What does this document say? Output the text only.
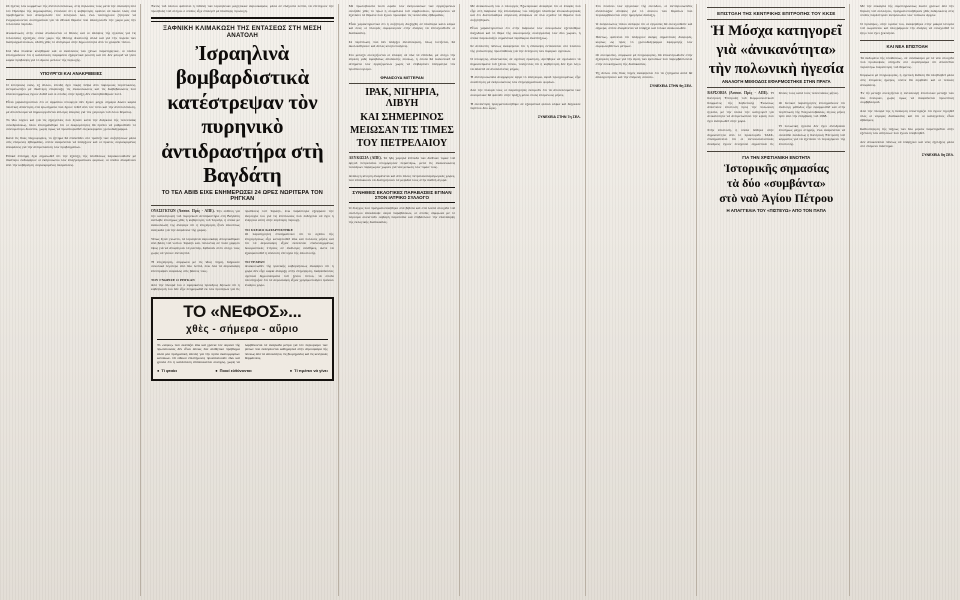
Οἱ ἡγέτες τῶν κομμάτων τῆς ἀντιπολιτεύσεως, στίς δηλώσεις τους μετά τήν σύσκεψη ὑπό τόν Πρόεδρο τῆς Δημοκρατίας, ἐτόνισαν ὅτι ἡ κυβέρνηση ὀφείλει νά δώσει λύση στά προβλήματα πού ἀπασχολοῦν τόν ἑλληνικό λαό, ἐνῶ ταυτόχρονα ζήτησαν νά ἐνημερώνονται συστηματικά γιά τά ἐθνικά θέματα πού ἀπασχολοῦν τήν χώρα μας τήν τελευταία περίοδο.

Ἀνακοίνωση στήν ὁποία ἀναλύονται οἱ θέσεις καί οἱ ἀπόψεις τῆς ἡγεσίας γιά τίς τελευταίες ἐξελίξεις στόν χῶρο τῆς Μέσης Ἀνατολῆς ἀλλά καί γιά τήν πορεία τῶν διαπραγματεύσεων, ἐδόθη χθές τό ἀπόγευμα στήν δημοσιότητα ἀπό τό γραφεῖο τύπου.

Στά ἴδια πλαίσια κινήθηκαν καί οἱ ἀναλύσεις τῶν ξένων παρατηρητῶν, οἱ ὁποῖοι ἐπισημαίνουν ὅτι ἡ κατάσταση παραμένει ἐξαιρετικά ρευστή καί ὅτι δέν μπορεῖ νά γίνει καμία πρόβλεψη γιά τό ἄμεσο μέλλον τῆς περιοχῆς.

ΥΠΟΥΡΓΟΙ ΚΑΙ ΑΝΑΚΡΙΒΕΙΕΣ

Ὁ ἑλληνικός λαός, ἐξ ἄλλου, ἐπειδή ἔχει πικρή πεῖρα ἀπό παρόμοιες περιπτώσεις, ἀντιμετωπίζει μέ ἰδιαίτερη ἐπιφύλαξη τίς ἀνακοινώσεις καί τίς διαβεβαιώσεις πού ἐπανειλημμένως ἔχουν δοθεῖ καί οἱ ὁποῖες στήν πράξη δέν ἐπαληθεύθηκαν ποτέ.

Εἶναι χαρακτηριστικό ὅτι οἱ ἁρμόδιοι ὑπουργοί δέν ἔχουν μέχρι σήμερα δώσει καμία πειστική ἀπάντηση στά ἐρωτήματα πού ἔχουν τεθεῖ ἀπό τόν τύπο καί τήν ἀντιπολίτευση, μέ ἀποτέλεσμα νά δημιουργοῦνται εὔλογες ἀπορίες γιά τόν χειρισμό τοῦ ὅλου θέματος.

Τό ἴδιο ἰσχύει καί γιά τίς ἐξαγγελίες πού ἔγιναν κατά τήν διάρκεια τῆς τελευταίας συνεδριάσεως, ὅπου ἐπισημάνθηκε ὅτι οἱ ἐκκρεμότητες θά πρέπει νά ρυθμισθοῦν τό συντομότερο δυνατόν, χωρίς ὅμως νά προσδιορισθεῖ συγκεκριμένο χρονοδιάγραμμα.

Κατά τίς ἴδιες πληροφορίες, τό ζήτημα θά ἐπανέλθει στό τραπέζι τῶν συζητήσεων μέσα στίς ἑπόμενες ἑβδομάδες, ὁπότε ἀναμένεται νά ὑπάρξουν καί οἱ πρῶτες συγκεκριμένες ἀποφάσεις γιά τήν ἀντιμετώπιση τῶν προβλημάτων.

Εἰδικά ἐπίσημη ἔχει σημειωθεῖ ὅτι τήν ἐξέλιξη τῆς ὑποθέσεως παρακολουθοῦν μέ ἰδιαίτερο ἐνδιαφέρον οἱ ἐκπρόσωποι τῶν ἐπαγγελματικῶν φορέων, οἱ ὁποῖοι ἀναμένουν ἀπό τήν κυβέρνηση συγκεκριμένες δεσμεύσεις.

Ἐκτός τοῦ ὁποίου φαίνεται ἡ πιθανή τῶν ἰσραηλινῶν μαχητικῶν ἀεροσκαφῶν, μέσα σέ ἑλάχιστα λεπτά, νά ἐπιτύχουν τήν προσβολή τοῦ στόχου ὁ ὁποῖος εἶχε ἐπιλεγεῖ μέ ἰδιαίτερη προσοχή.

ΞΑΦΝΙΚΗ ΚΛΙΜΑΚΩΣΗ ΤΗΣ ΕΝΤΑΣΕΩΣ ΣΤΗ ΜΕΣΗ ΑΝΑΤΟΛΗ
Ἰσραηλινὰ βομβαρδιστικὰ
κατέστρεψαν τὸν πυρηνικὸ
ἀντιδραστήρα στὴ Βαγδάτη
ΤΟ ΤΕΛ ΑΒΙΒ ΕΙΧΕ ΕΝΗΜΕΡΩΣΕΙ 24 ΩΡΕΣ ΝΩΡΙΤΕΡΑ ΤΟΝ ΡΗΓΚΑΝ
ΟΥΑΣΙΓΚΤΩΝ (Ἀσσοσ. Πρές - ΑΠΕ). Τήν εὐθύνη γιά τήν καταστροφή τοῦ πυρηνικοῦ ἀντιδραστῆρα στή Βαγδάτη ἀνέλαβε ἐπισήμως χθές ἡ κυβέρνηση τοῦ Ἰσραήλ, ἡ ὁποία μέ ἀνακοίνωσή της ἀνέφερε ὅτι ἡ ἐπιχείρηση ἦταν ἀπολύτως ἀναγκαία γιά τήν ἀσφάλεια τῆς χώρας.

Ὅπως ἔγινε γνωστό, τά ἰσραηλινά ἀεροσκάφη ἀπογειώθηκαν ἀπό βάση τοῦ νοτίου Ἰσραήλ καί, πετώντας σέ πολύ χαμηλό ὕψος γιά νά ἀποφύγουν τά ραντάρ, ἔφθασαν στόν στόχο τους χωρίς νά γίνουν ἀντιληπτά.

Ἡ ἐπιχείρηση, σύμφωνα μέ τίς ἴδιες πηγές, διήρκεσε συνολικά λιγότερο ἀπό δύο λεπτά, ἐνῶ ὅλα τά ἀεροσκάφη ἐπέστρεψαν ἀσφαλῶς στίς βάσεις τους.

ΤΟΥ ΓΝΩΡΙΖΕ Ο ΡΗΓΚΑΝ
Ἀπό τήν πλευρά του ὁ ἀμερικανός πρόεδρος δήλωσε ὅτι ἡ κυβέρνησή του δέν εἶχε ἐνημερωθεῖ ἐκ τῶν προτέρων γιά τίς προθέσεις τοῦ Ἰσραήλ, ἐνῶ παράλληλα ἐξέφρασε τήν ἀνησυχία του γιά τίς ἐπιπτώσεις πού ἐνδέχεται νά ἔχει ἡ ἐνέργεια αὐτή στήν εὐρύτερη περιοχή.

ΤΟ ΣΧΕΔΙΟ ΚΑΤΑΡΤΙΣΤΗΚΕ
Οἱ παρατηρητές ἐπισημαίνουν ὅτι τό σχέδιο τῆς ἐπιχειρήσεως εἶχε καταρτισθεῖ ἐδῶ καί πολλούς μῆνες καί ὅτι τά ἀεροσκάφη εἶχαν ἐκτελέσει ἐπανειλημμένως δοκιμαστικές πτήσεις σέ ἀνάλογες συνθῆκες, ὥστε νά ἐξασφαλισθεῖ ἡ ἀπόλυτη ἐπιτυχία τῆς ἀποστολῆς.

ΤΟ ΤΕΧΡΑΝ
Ἀνακοινωθέν τῆς ἰρανικῆς κυβερνήσεως ἀναφέρει ὅτι ἡ χώρα δέν εἶχε καμία ἀνάμιξη στήν ἐπιχείρηση, διαψεύδοντας σχετικά δημοσιεύματα τοῦ ξένου τύπου, τά ὁποῖα ὑπεστήριζαν ὅτι τά ἀεροσκάφη εἶχαν χρησιμοποιήσει ἰρανικό ἐναέριο χῶρο.
ΤΟ «ΝΕΦΟΣ»...
χθὲς - σήμερα - αὔριο
Τό «νέφος» πού σκεπάζει ἐδῶ καί χρόνια τόν οὐρανό τῆς πρωτεύουσας δέν εἶναι ἁπλῶς ἕνα αἰσθητικό πρόβλημα ἀλλά μία πραγματική ἀπειλή γιά τήν ὑγεία ἑκατομμυρίων κατοίκων. Οἱ εἰδικοί ἐπιστήμονες προειδοποιοῦν ἐδῶ καί χρόνια ὅτι ἡ κατάσταση ἐπιδεινώνεται συνεχῶς, χωρίς νά λαμβάνονται τά ἀναγκαῖα μέτρα γιά τόν περιορισμό τῶν ρύπων πού ἐκπέμπονται καθημερινά στήν ἀτμόσφαιρα τῆς πόλεως ἀπό τά αὐτοκίνητα, τίς βιομηχανίες καί τίς κεντρικές θερμάνσεις.
● Τί φταίει	● Ποιοί εὐθύνονται	● Τί πρέπει νά γίνει

Μέ πρωτοβουλία πολύ ὡραίο τῶν ἐκπροσώπων τῶν ἐργαζομένων συνῆλθε χθές τό πρωί ἡ ὁλομέλεια τοῦ συμβουλίου, προκειμένου νά ἐξετάσει τά θέματα πού ἔχουν προκύψει τίς τελευταῖες ἑβδομάδες.

Εἶναι χαρακτηριστικό ὅτι ἡ συζήτηση διεξήχθη σέ ἰδιαίτερα καλό κλίμα καί ὅλες οἱ πλευρές συμφώνησαν στήν ἀνάγκη νά ἐπιταχυνθοῦν οἱ διαδικασίες.

Σέ περίπτωση πού δέν ὑπάρξει ἀνταπόκριση, ὅπως τονίζεται, θά ἀκολουθήσουν καί ἄλλες κινητοποιήσεις.

Στό μεταξύ συνεχίζονται οἱ ἐπαφές σέ ὅλα τά ἐπίπεδα, μέ στόχο τήν εὕρεση μιᾶς ἀμοιβαίως ἀποδεκτῆς λύσεως, ἡ ὁποία θά ἱκανοποιεῖ τά αἰτήματα τῶν ἐργαζομένων χωρίς νά ἐπιβαρύνει ὑπέρμετρα τόν προϋπολογισμό.

ΦΡΑΝΣΟΥΑ ΜΙΤΤΕΡΑΝ
ΙΡΑΚ, ΝΙΓΗΡΙΑ, ΛΙΒΥΗ
ΚΑΙ ΣΗΜΕΡΙΝΟΣ
ΜΕΙΩΣΑΝ ΤΙΣ ΤΙΜΕΣ
ΤΟΥ ΠΕΤΡΕΛΑΙΟΥ

ΛΕΥΚΩΣΙΑ (ΑΠΕ). Τά ἤδη χαμηλά ἐπίπεδα τῶν διεθνῶν τιμῶν τοῦ ἀργοῦ πετρελαίου ὑποχώρησαν περαιτέρω, μετά τίς ἀνακοινώσεις τεσσάρων παραγωγῶν χωρῶν γιά νέα μείωση τῶν τιμῶν τους.

Ἀνάλογη κίνηση ἀναμένεται καί ἀπό ἄλλες πετρελαιοπαραγωγικές χῶρες, πού ἐπιδιώκουν νά διατηρήσουν τά μερίδιά τους στήν διεθνή ἀγορά.

ΣΥΝΗΘΕΙΣ ΕΚΛΟΓΙΚΕΣ ΠΑΡΑΒΑΣΕΙΣ ΕΓΙΝΑΝ ΣΤΟΝ ΙΑΤΡΙΚΟ ΣΥΛΛΟΓΟ

Ὁ ἔλεγχος πού πραγματοποιήθηκε στά βιβλία καί στά λοιπά στοιχεῖα τοῦ συλλόγου ἀπεκάλυψε σειρά παραβάσεων, οἱ ὁποῖες σύμφωνα μέ τό πόρισμα συνιστοῦν σοβαρή παρατυπία καί ἐπιβάλλουν τήν ἐπανάληψη τῆς ἐκλογικῆς διαδικασίας.

Μέ ἀνακοίνωσή του ὁ ὑπουργός Ἐξωτερικῶν ἀναφέρει ὅτι οἱ ἐπαφές πού εἶχε στή διάρκεια τῆς ἐπισκέψεώς του ὑπῆρξαν ἰδιαίτερα ἐποικοδομητικές καί ὅτι διαπιστώθηκε σύγκλιση ἀπόψεων σέ ὅλα σχεδόν τά θέματα πού συζητήθηκαν.

Εἶναι χαρακτηριστικό ὅτι στήν διάρκεια τῶν συνομιλιῶν ἐξετάσθηκε διεξοδικά καί τό θέμα τῆς οἰκονομικῆς συνεργασίας τῶν δύο χωρῶν, ἡ ὁποία παρουσιάζει σημαντικά περιθώρια ἀναπτύξεως.

Σέ ἀνύποπτη πάντως ἀναφέρεται ὅτι ἡ ἐπίσκεψη ἐντάσσεται στό πλαίσιο τῆς γενικότερης προσπάθειας γιά τήν ἐνίσχυση τῶν διμερῶν σχέσεων.

Ὁ ὑπουργός, ἀπαντώντας σέ σχετική ἐρώτηση, ἀρνήθηκε νά σχολιάσει τά δημοσιεύματα τοῦ ξένου τύπου, τονίζοντας ὅτι ἡ κυβέρνηση δέν ἔχει λόγο νά ἀπαντᾶ σέ ἀνυπόστατες φῆμες.

Ἡ ἀντιπροσωπεία ἀναχώρησε ἀργά τό ἀπόγευμα, ἀφοῦ προηγουμένως εἶχε συνάντηση μέ ἐκπροσώπους τῶν ἐπιχειρηματικῶν φορέων.

Ἀπό τήν πλευρά τους οἱ παρατηρητές ἐκτιμοῦν ὅτι τά ἀποτελέσματα τῶν συνομιλιῶν θά φανοῦν στήν πράξη μέσα στούς ἑπόμενους μῆνες.

Ἡ συνάντηση πραγματοποιήθηκε σέ ἐξαιρετικά φιλικό κλίμα καί διήρκεσε περίπου δύο ὧρες.

ΣΥΝΕΧΕΙΑ ΣΤΗΝ 7η ΣΕΛ.

Στό πλαίσιο τῶν ἐργασιῶν τῆς συνόδου, οἱ ἀντιπροσωπεῖες ἀντάλλαξαν ἀπόψεις γιά τό σύνολο τῶν θεμάτων πού περιλαμβάνονται στήν ἡμερήσια διάταξη.

Ὁ ἐκπρόσωπος τύπου ἀνέφερε ὅτι οἱ ἐργασίες θά συνεχισθοῦν καί σήμερα, ὁπότε ἀναμένεται νά ὑπάρξει καί τελικό ἀνακοινωθέν.

Πάντως, φαίνεται ὅτι ὑπάρχουν ἀκόμη σημαντικές διαφορές, κυρίως ὡς πρός τό χρονοδιάγραμμα ἐφαρμογῆς τῶν συμφωνηθέντων μέτρων.

Οἱ συνομιλίες, σύμφωνα μέ πληροφορίες, θά ἐπικεντρωθοῦν στήν ἐξεύρεση τρόπων γιά τήν ἄρση τῶν ἐμποδίων πού παρεμβάλλονται στήν ὁλοκλήρωση τῆς διαδικασίας.

Ἐξ ἄλλου στίς ἴδιες πηγές ἀναφέρεται ὅτι τά ζητήματα αὐτά θά ἀπασχολήσουν καί τήν ἑπόμενη σύνοδο.

ΣΥΝΕΧΕΙΑ ΣΤΗΝ 9η ΣΕΛ.
ΕΠΙΣΤΟΛΗ ΤΗΣ ΚΕΝΤΡΙΚΗΣ ΕΠΙΤΡΟΠΗΣ ΤΟΥ ΚΚΣΕ
Ἡ Μόσχα κατηγορεῖ
γιὰ «ἀνικανότητα»
τὴν πολωνικὴ ἡγεσία
ΑΝΑΛΟΓΗ ΜΕΘΟΔΟΣ ΕΦΑΡΜΟΣΤΗΚΕ ΣΤΗΝ ΠΡΑΓΑ
ΒΑΡΣΟΒΙΑ (Ἀσσοσ. Πρές - ΑΠΕ). Ἡ Κεντρική Ἐπιτροπή τοῦ Κομμουνιστικοῦ Κόμματος τῆς Σοβιετικῆς Ἑνώσεως ἀπέστειλε ἐπιστολή πρός τήν πολωνική ἡγεσία, μέ τήν ὁποία τήν κατηγορεῖ γιά ἀνικανότητα νά ἀντιμετωπίσει τήν κρίση πού ἔχει ἐκδηλωθεῖ στήν χώρα.

Στήν ἐπιστολή, ἡ ὁποία δόθηκε στήν δημοσιότητα ἀπό τό πρακτορεῖο ΤΑΣΣ, ἐπισημαίνεται ὅτι οἱ ἀντισοσιαλιστικές δυνάμεις ἔχουν ἐνισχύσει σημαντικά τίς θέσεις τους κατά τούς τελευταίους μῆνες.

Οἱ δυτικοί παρατηρητές ἐπισημαίνουν ὅτι ἀνάλογη μέθοδος εἶχε ἐφαρμοσθεῖ καί στήν περίπτωση τῆς Τσεχοσλοβακίας, λίγους μῆνες πρίν ἀπό τήν ἐπέμβαση τοῦ 1968.

Ἡ πολωνική ἡγεσία δέν ἔχει ἀντιδράσει ἐπισήμως μέχρι στιγμῆς, ἐνῶ ἀναμένεται νά συνέλθει ἐκτάκτως ἡ Κεντρική Ἐπιτροπή τοῦ κόμματος γιά νά ἐξετάσει τό περιεχόμενο τῆς ἐπιστολῆς.
ΓΙΑ ΤΗΝ ΧΡΙΣΤΙΑΝΙΚΗ ΕΝΟΤΗΤΑ
Ἱστορικῆς σημασίας
τὰ δύο «συμβάντα»
στὸ ναὸ Ἁγίου Πέτρου
Η ΑΠΑΓΓΕΛΙΑ ΤΟΥ «ΠΙΣΤΕΥΩ» ΑΠΟ ΤΟΝ ΠΑΠΑ

Μέ τήν εὐκαιρία τῆς συμπληρώσεως ἑκατό χρόνων ἀπό τήν ἵδρυση τοῦ συλλόγου, πραγματοποιήθηκαν χθές ἐκδηλώσεις στίς ὁποῖες παρέστησαν ἐκπρόσωποι τῶν τοπικῶν ἀρχῶν.

Ὁ πρόεδρος, στήν ὁμιλία του, ἀναφέρθηκε στήν μακρά ἱστορία τοῦ σωματείου καί ὑπογράμμισε τήν ἀνάγκη νά συνεχισθεῖ τό ἔργο πού ἔχει ξεκινήσει.

ΚΑΙ ΝΕΑ ΕΠΙΣΤΟΛΗ

Τά δεδομένα τῆς ὑποθέσεως, σέ συνδυασμό μέ τά νέα στοιχεῖα πού προέκυψαν, ὁδηγοῦν στό συμπέρασμα ὅτι ἀπαιτεῖται περαιτέρω διερεύνηση τοῦ θέματος.

Σύμφωνα μέ πληροφορίες, ἡ σχετική ἔκθεση θά ὑποβληθεῖ μέσα στίς ἑπόμενες ἡμέρες, ὁπότε θά ληφθοῦν καί οἱ τελικές ἀποφάσεις.

Ἐν τῷ μεταξύ συνεχίζεται ἡ ἀνταλλαγή ἐπιστολῶν μεταξύ τῶν δύο πλευρῶν, χωρίς ὅμως νά διαφαίνεται προοπτική συμβιβασμοῦ.

Ἀπό τήν πλευρά της ἡ διοίκηση ὑποστηρίζει ὅτι ἔχουν τηρηθεῖ ὅλες οἱ νόμιμες διαδικασίες καί ὅτι οἱ καταγγελίες εἶναι ἀβάσιμες.

Καθυστέρηση τῆς τάξεως τῶν δύο μηνῶν παρατηρεῖται στήν ἐξέταση τῶν αἰτήσεων πού ἔχουν ὑποβληθεῖ.

Δέν ἀποκλείεται πάντως νά ὑπάρξουν καί νέες ἐξελίξεις μέσα στό ἑπόμενο διάστημα.

ΣΥΝΕΧΕΙΑ 5η ΣΕΛ.
